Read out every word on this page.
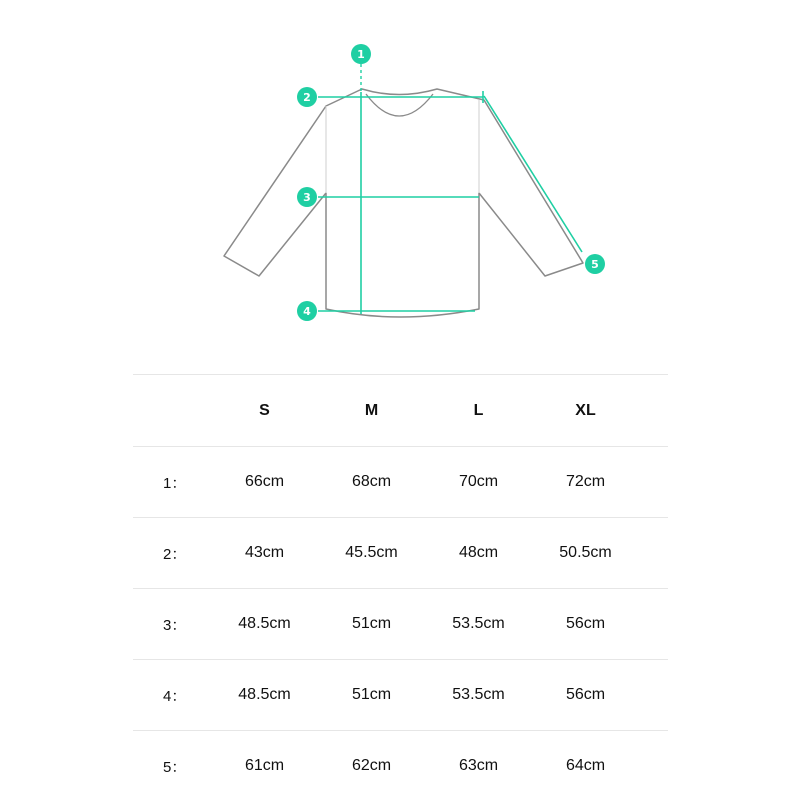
1
2
3
4
5
	S	M	L	XL	
1：	66cm	68cm	70cm	72cm	
2：	43cm	45.5cm	48cm	50.5cm	
3：	48.5cm	51cm	53.5cm	56cm	
4：	48.5cm	51cm	53.5cm	56cm	
5：	61cm	62cm	63cm	64cm	
